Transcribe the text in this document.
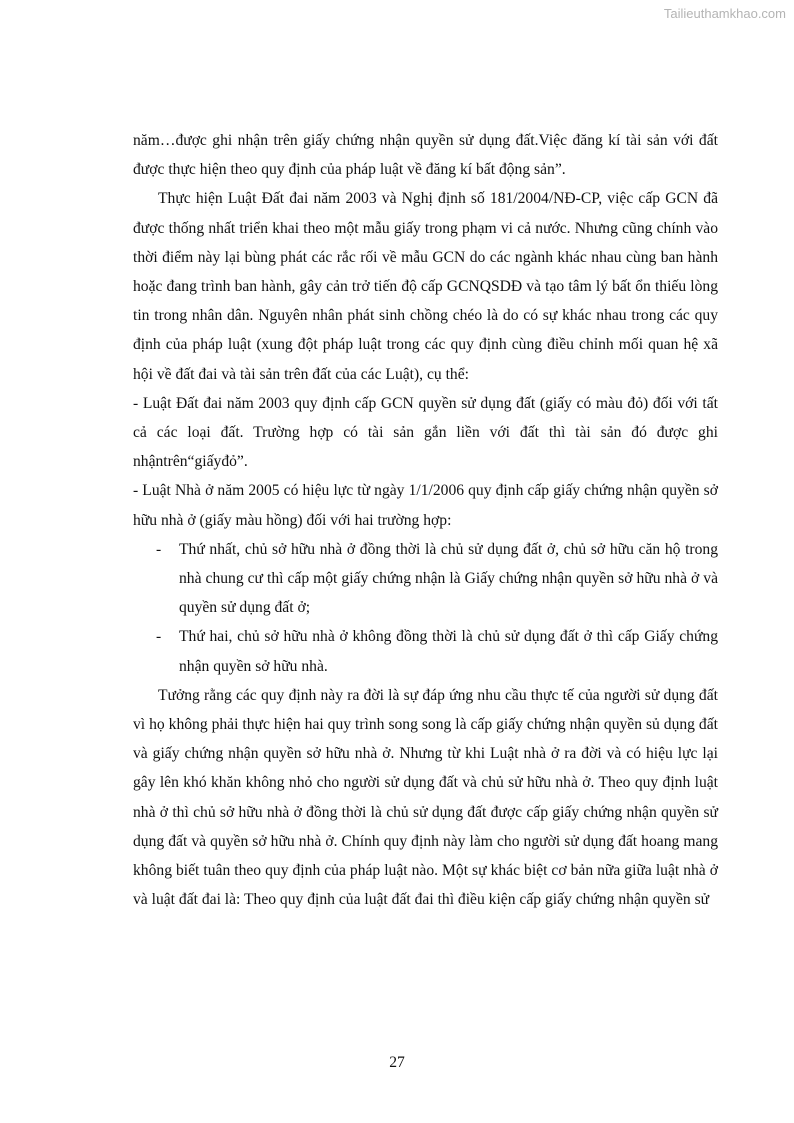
Tailieuthamkhao.com

năm…được ghi nhận trên giấy chứng nhận quyền sử dụng đất.Việc đăng kí tài sản với đất được thực hiện theo quy định của pháp luật về đăng kí bất động sản”.

Thực hiện Luật Đất đai năm 2003 và Nghị định số 181/2004/NĐ-CP, việc cấp GCN đã được thống nhất triển khai theo một mẫu giấy trong phạm vi cả nước. Nhưng cũng chính vào thời điểm này lại bùng phát các rắc rối về mẫu GCN do các ngành khác nhau cùng ban hành hoặc đang trình ban hành, gây cản trở tiến độ cấp GCNQSDĐ và tạo tâm lý bất ổn thiếu lòng tin trong nhân dân. Nguyên nhân phát sinh chồng chéo là do có sự khác nhau trong các quy định của pháp luật (xung đột pháp luật trong các quy định cùng điều chỉnh mối quan hệ xã hội về đất đai và tài sản trên đất của các Luật), cụ thể:

- Luật Đất đai năm 2003 quy định cấp GCN quyền sử dụng đất (giấy có màu đỏ) đối với tất cả các loại đất. Trường hợp có tài sản gắn liền với đất thì tài sản đó được ghi nhậntrên“giấyđỏ”.

- Luật Nhà ở năm 2005 có hiệu lực từ ngày 1/1/2006 quy định cấp giấy chứng nhận quyền sở hữu nhà ở (giấy màu hồng) đối với hai trường hợp:

- Thứ nhất, chủ sở hữu nhà ở đồng thời là chủ sử dụng đất ở, chủ sở hữu căn hộ trong nhà chung cư thì cấp một giấy chứng nhận là Giấy chứng nhận quyền sở hữu nhà ở và quyền sử dụng đất ở;

- Thứ hai, chủ sở hữu nhà ở không đồng thời là chủ sử dụng đất ở thì cấp Giấy chứng nhận quyền sở hữu nhà.

Tưởng rằng các quy định này ra đời là sự đáp ứng nhu cầu thực tế của người sử dụng đất vì họ không phải thực hiện hai quy trình song song là cấp giấy chứng nhận quyền sủ dụng đất và giấy chứng nhận quyền sở hữu nhà ở. Nhưng từ khi Luật nhà ở ra đời và có hiệu lực lại gây lên khó khăn không nhỏ cho người sử dụng đất và chủ sử hữu nhà ở. Theo quy định luật nhà ở thì chủ sở hữu nhà ở đồng thời là chủ sử dụng đất được cấp giấy chứng nhận quyền sử dụng đất và quyền sở hữu nhà ở. Chính quy định này làm cho người sử dụng đất hoang mang không biết tuân theo quy định của pháp luật nào. Một sự khác biệt cơ bản nữa giữa luật nhà ở và luật đất đai là: Theo quy định của luật đất đai thì điều kiện cấp giấy chứng nhận quyền sử

27
